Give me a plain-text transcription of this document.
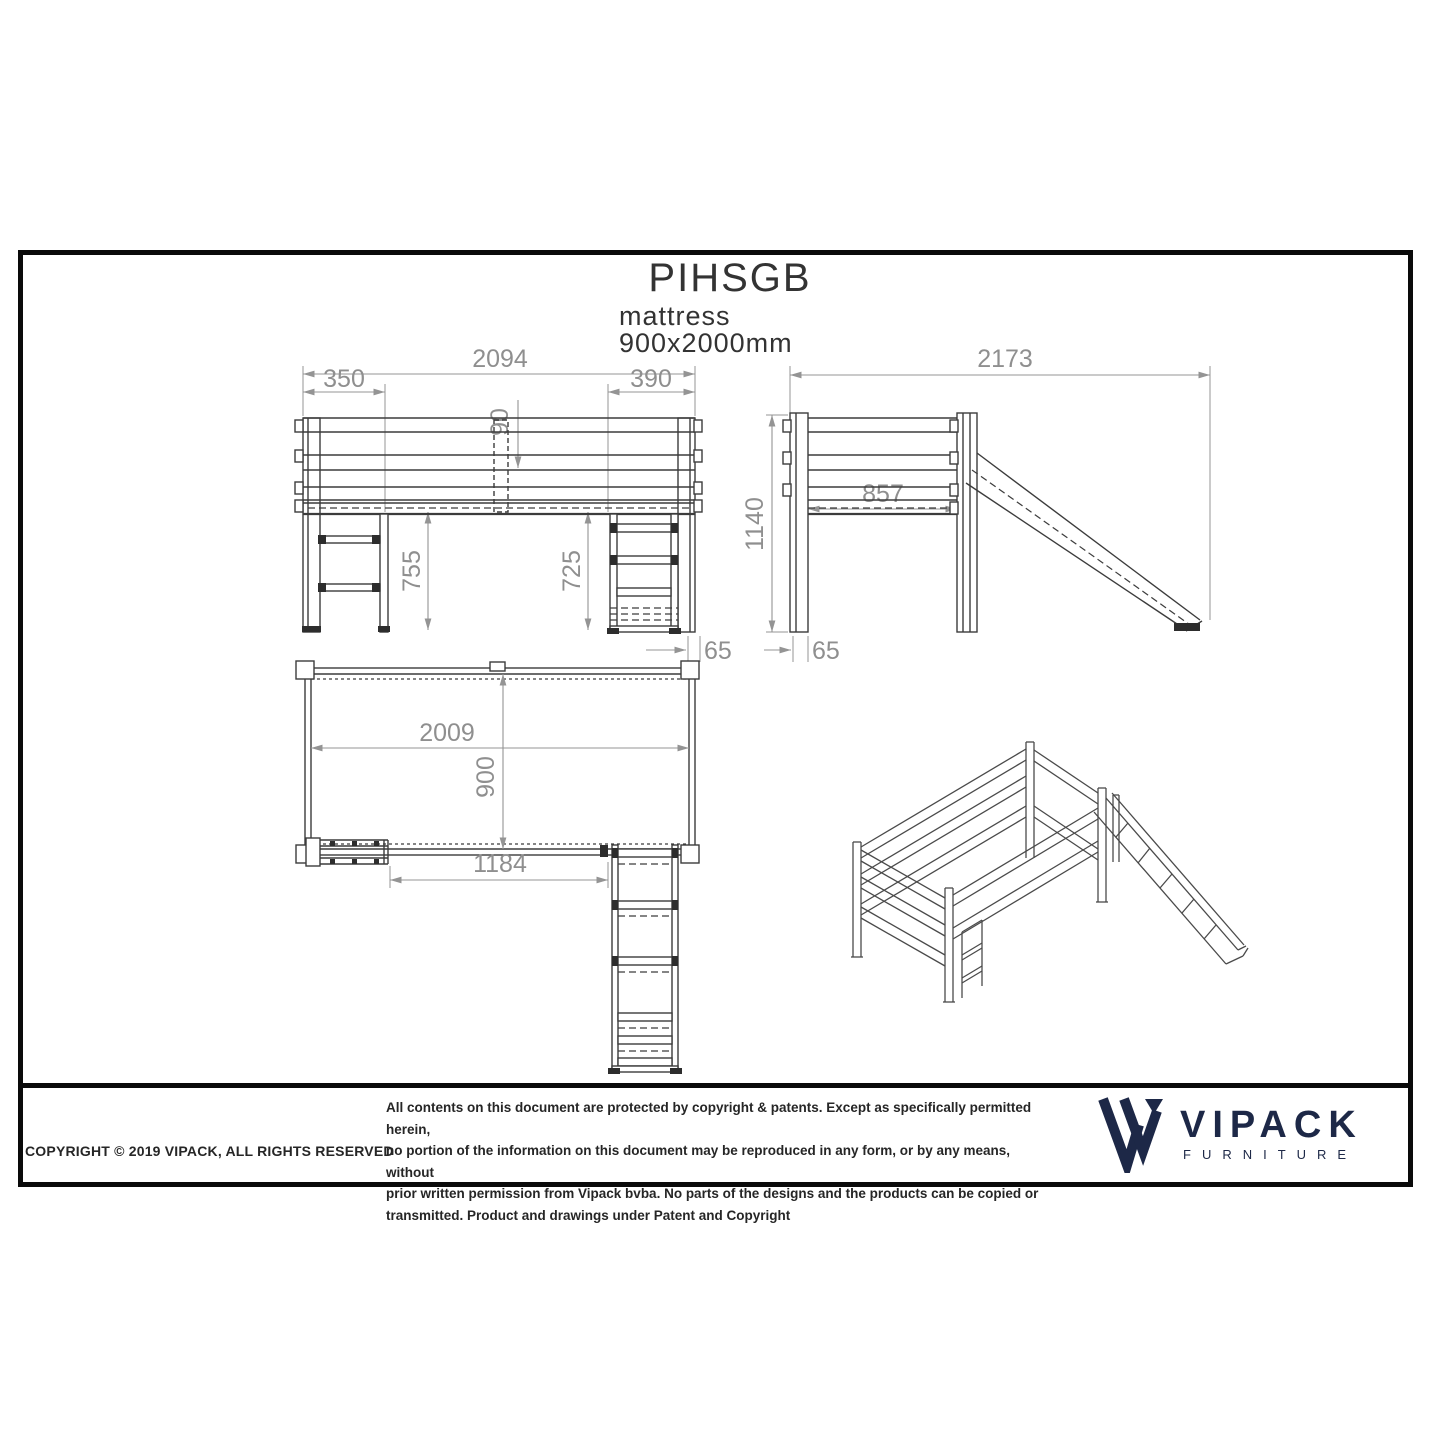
PIHSGB
mattress
900x2000mm
2094
350	390
90
755	725
65
2173
1140
857
65
2009
900
1184
COPYRIGHT © 2019 VIPACK, ALL RIGHTS RESERVED
All contents on this document are protected by copyright & patents. Except as specifically permitted herein,
no portion of the information on this document may be reproduced in any form, or by any means, without
prior written permission from Vipack bvba. No parts of the designs and the products can be copied or
transmitted. Product and drawings under Patent and Copyright
VIPACK
FURNITURE
